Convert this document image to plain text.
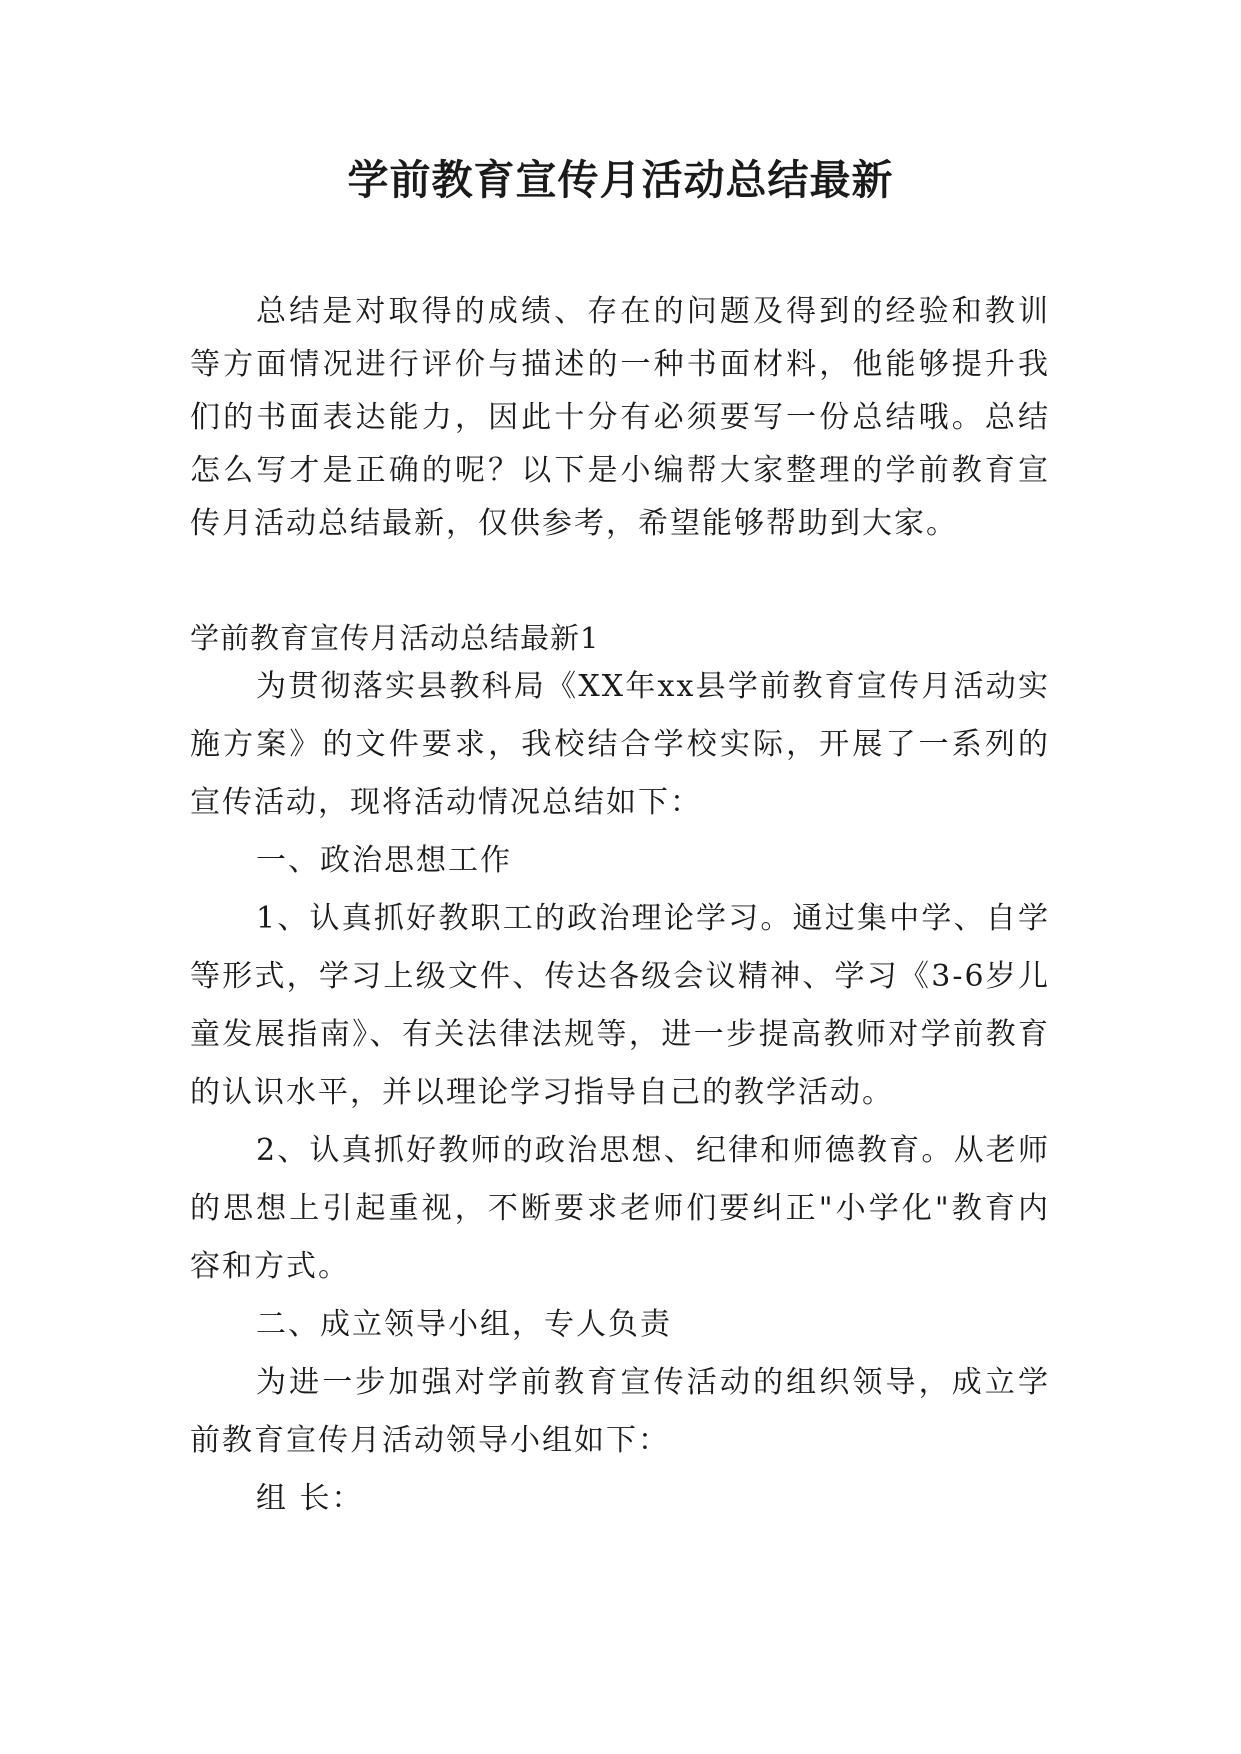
学前教育宣传月活动总结最新

总结是对取得的成绩、存在的问题及得到的经验和教训等方面情况进行评价与描述的一种书面材料，他能够提升我们的书面表达能力，因此十分有必须要写一份总结哦。总结怎么写才是正确的呢？以下是小编帮大家整理的学前教育宣传月活动总结最新，仅供参考，希望能够帮助到大家。

学前教育宣传月活动总结最新1

为贯彻落实县教科局《XX年xx县学前教育宣传月活动实施方案》的文件要求，我校结合学校实际，开展了一系列的宣传活动，现将活动情况总结如下：

一、政治思想工作

1、认真抓好教职工的政治理论学习。通过集中学、自学等形式，学习上级文件、传达各级会议精神、学习《3-6岁儿童发展指南》、有关法律法规等，进一步提高教师对学前教育的认识水平，并以理论学习指导自己的教学活动。

2、认真抓好教师的政治思想、纪律和师德教育。从老师的思想上引起重视，不断要求老师们要纠正"小学化"教育内容和方式。

二、成立领导小组，专人负责

为进一步加强对学前教育宣传活动的组织领导，成立学前教育宣传月活动领导小组如下：

组 长：
